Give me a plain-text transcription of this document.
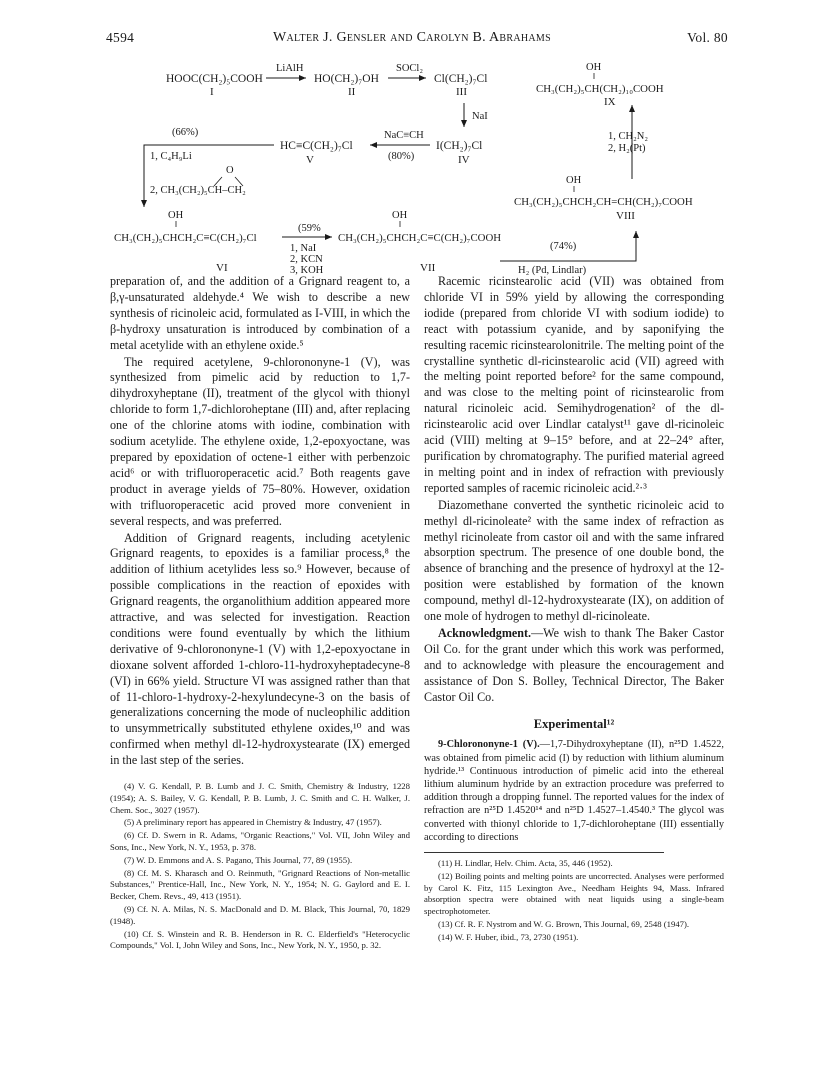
4594	Walter J. Gensler and Carolyn B. Abrahams	Vol. 80
HOOC(CH₂)₅COOH
I
LiAlH
HO(CH₂)₇OH
II
SOCl₂
Cl(CH₂)₇Cl
III
NaI
I(CH₂)₇Cl
IV
NaC≡CH
(80%)
HC≡C(CH₂)₇Cl
V
(66%)
1, C₄H₉Li
O
2, CH₃(CH₂)₅CH–CH₂
OH
CH₃(CH₂)₅CHCH₂C≡C(CH₂)₇Cl
VI
(59%
1, NaI
2, KCN
3, KOH
OH
CH₃(CH₂)₅CHCH₂C≡C(CH₂)₇COOH
VII
(74%)
H₂ (Pd, Lindlar)
OH
CH₃(CH₂)₅CHCH₂CH=CH(CH₂)₇COOH
VIII
1, CH₂N₂
2, H₂(Pt)
OH
CH₃(CH₂)₅CH(CH₂)₁₀COOH
IX

preparation of, and the addition of a Grignard reagent to, a β,γ-unsaturated aldehyde.⁴ We wish to describe a new synthesis of ricinoleic acid, formulated as I-VIII, in which the β-hydroxy unsaturation is introduced by combination of a metal acetylide with an ethylene oxide.⁵

The required acetylene, 9-chlorononyne-1 (V), was synthesized from pimelic acid by reduction to 1,7-dihydroxyheptane (II), treatment of the glycol with thionyl chloride to form 1,7-dichloroheptane (III) and, after replacing one of the chlorine atoms with iodine, combination with sodium acetylide. The ethylene oxide, 1,2-epoxyoctane, was prepared by epoxidation of octene-1 either with perbenzoic acid⁶ or with trifluoroperacetic acid.⁷ Both reagents gave product in average yields of 75–80%. However, oxidation with trifluoroperacetic acid proved more convenient in several respects, and was preferred.

Addition of Grignard reagents, including acetylenic Grignard reagents, to epoxides is a familiar process,⁸ the addition of lithium acetylides less so.⁹ However, because of possible complications in the reaction of epoxides with Grignard reagents, the organolithium addition appeared more attractive, and was selected for investigation. Reaction conditions were found eventually by which the lithium derivative of 9-chlorononyne-1 (V) with 1,2-epoxyoctane in dioxane solvent afforded 1-chloro-11-hydroxyheptadecyne-8 (VI) in 66% yield. Structure VI was assigned rather than that of 11-chloro-1-hydroxy-2-hexylundecyne-3 on the basis of generalizations concerning the mode of nucleophilic addition to unsymmetrically substituted ethylene oxides,¹⁰ and was confirmed when methyl dl-12-hydroxystearate (IX) emerged in the last step of the series.

(4) V. G. Kendall, P. B. Lumb and J. C. Smith, Chemistry & Industry, 1228 (1954); A. S. Bailey, V. G. Kendall, P. B. Lumb, J. C. Smith and C. H. Walker, J. Chem. Soc., 3027 (1957).

(5) A preliminary report has appeared in Chemistry & Industry, 47 (1957).

(6) Cf. D. Swern in R. Adams, "Organic Reactions," Vol. VII, John Wiley and Sons, Inc., New York, N. Y., 1953, p. 378.

(7) W. D. Emmons and A. S. Pagano, This Journal, 77, 89 (1955).

(8) Cf. M. S. Kharasch and O. Reinmuth, "Grignard Reactions of Non-metallic Substances," Prentice-Hall, Inc., New York, N. Y., 1954; N. G. Gaylord and E. I. Becker, Chem. Revs., 49, 413 (1951).

(9) Cf. N. A. Milas, N. S. MacDonald and D. M. Black, This Journal, 70, 1829 (1948).

(10) Cf. S. Winstein and R. B. Henderson in R. C. Elderfield's "Heterocyclic Compounds," Vol. I, John Wiley and Sons, Inc., New York, N. Y., 1950, p. 32.

Racemic ricinstearolic acid (VII) was obtained from chloride VI in 59% yield by allowing the corresponding iodide (prepared from chloride VI with sodium iodide) to react with potassium cyanide, and by saponifying the resulting racemic ricinstearolonitrile. The melting point of the crystalline synthetic dl-ricinstearolic acid (VII) agreed with the melting point reported before² for the same compound, and was close to the melting point of ricinstearolic from natural ricinoleic acid. Semihydrogenation² of the dl-ricinstearolic acid over Lindlar catalyst¹¹ gave dl-ricinoleic acid (VIII) melting at 9–15° before, and at 22–24° after, purification by chromatography. The purified material agreed in melting point and in index of refraction with previously reported samples of racemic ricinoleic acid.²·³

Diazomethane converted the synthetic ricinoleic acid to methyl dl-ricinoleate² with the same index of refraction as methyl ricinoleate from castor oil and with the same infrared absorption spectrum. The presence of one double bond, the absence of branching and the presence of hydroxyl at the 12-position were established by formation of the known compound, methyl dl-12-hydroxystearate (IX), on addition of one mole of hydrogen to methyl dl-ricinoleate.

Acknowledgment.—We wish to thank The Baker Castor Oil Co. for the grant under which this work was performed, and to acknowledge with pleasure the encouragement and assistance of Don S. Bolley, Technical Director, The Baker Castor Oil Co.

Experimental¹²

9-Chlorononyne-1 (V).—1,7-Dihydroxyheptane (II), n²⁵D 1.4522, was obtained from pimelic acid (I) by reduction with lithium aluminum hydride.¹³ Continuous introduction of pimelic acid into the ethereal lithium aluminum hydride by an extraction procedure was preferred to addition through a dropping funnel. The reported values for the index of refraction are n²⁵D 1.4520¹⁴ and n²⁵D 1.4527–1.4540.³ The glycol was converted with thionyl chloride to 1,7-dichloroheptane (III) essentially according to directions

(11) H. Lindlar, Helv. Chim. Acta, 35, 446 (1952).

(12) Boiling points and melting points are uncorrected. Analyses were performed by Carol K. Fitz, 115 Lexington Ave., Needham Heights 94, Mass. Infrared absorption spectra were obtained with neat liquids using a single-beam spectrophotometer.

(13) Cf. R. F. Nystrom and W. G. Brown, This Journal, 69, 2548 (1947).

(14) W. F. Huber, ibid., 73, 2730 (1951).
